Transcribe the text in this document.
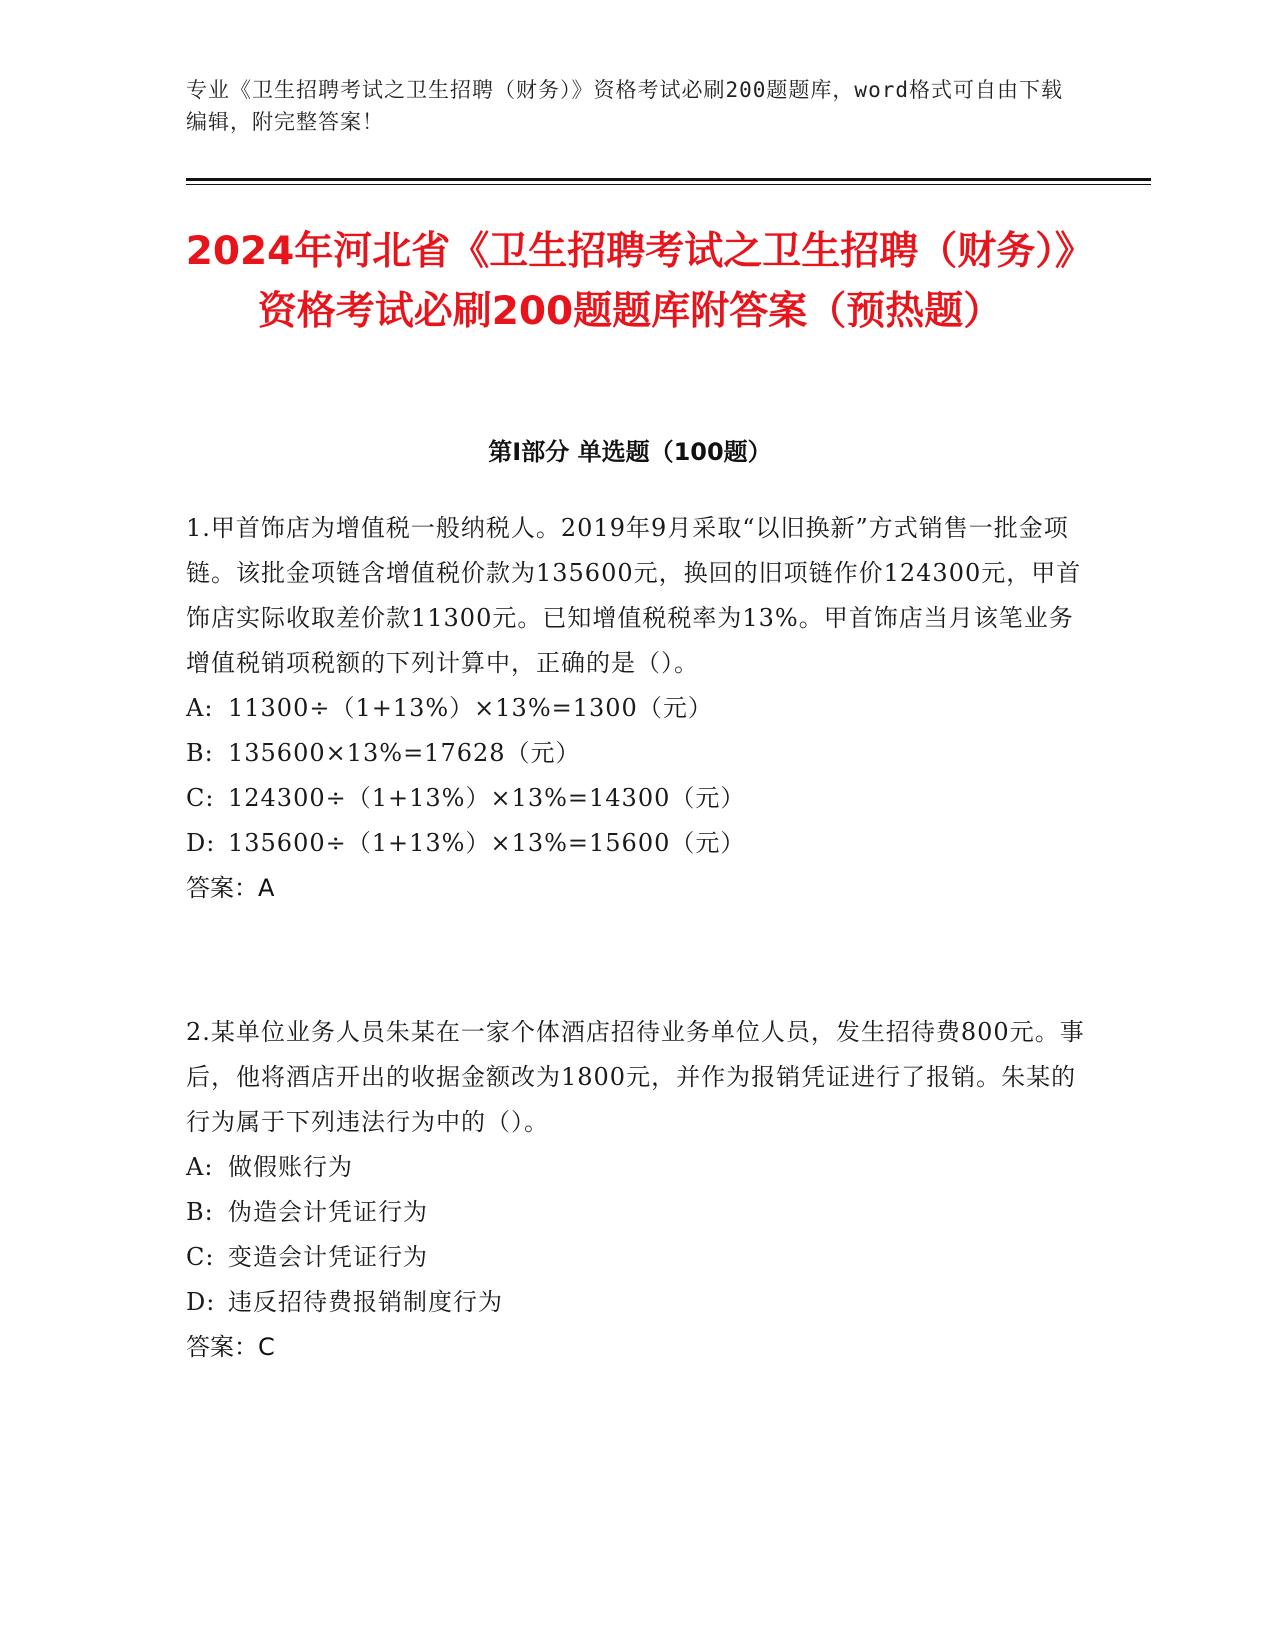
专业《卫生招聘考试之卫生招聘（财务）》资格考试必刷200题题库，word格式可自由下载编辑，附完整答案！
2024年河北省《卫生招聘考试之卫生招聘（财务）》资格考试必刷200题题库附答案（预热题）
第I部分 单选题（100题）
1.甲首饰店为增值税一般纳税人。2019年9月采取“以旧换新”方式销售一批金项链。该批金项链含增值税价款为135600元，换回的旧项链作价124300元，甲首饰店实际收取差价款11300元。已知增值税税率为13%。甲首饰店当月该笔业务增值税销项税额的下列计算中，正确的是（）。
A: 11300÷（1+13%）×13%=1300（元）
B: 135600×13%=17628（元）
C: 124300÷（1+13%）×13%=14300（元）
D: 135600÷（1+13%）×13%=15600（元）
答案：A
2.某单位业务人员朱某在一家个体酒店招待业务单位人员，发生招待费800元。事后，他将酒店开出的收据金额改为1800元，并作为报销凭证进行了报销。朱某的行为属于下列违法行为中的（）。
A: 做假账行为
B: 伪造会计凭证行为
C: 变造会计凭证行为
D: 违反招待费报销制度行为
答案：C
